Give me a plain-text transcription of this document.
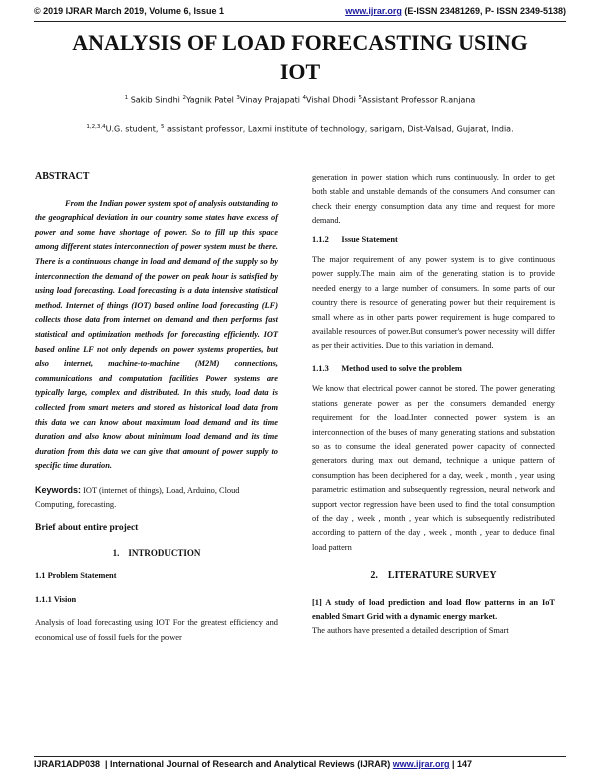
© 2019 IJRAR March 2019, Volume 6, Issue 1	www.ijrar.org (E-ISSN 23481269, P- ISSN 2349-5138)
ANALYSIS OF LOAD FORECASTING USING
IOT
$^1$ Sakib Sindhi $^2$Yagnik Patel $^3$Vinay Prajapati $^4$Vishal Dhodi $^5$Assistant Professor R.anjana
$^{1,2,3,4}$U.G. student, $^5$ assistant professor, Laxmi institute of technology, sarigam, Dist-Valsad, Gujarat, India.
ABSTRACT

From the Indian power system spot of analysis outstanding to the geographical deviation in our country some states have excess of power and some have shortage of power. So to fill up this space among different states interconnection of power system must be there. There is a continuous change in load and demand of the supply so by interconnection the demand of the power on peak hour is satisfied by using load forecasting. Load forecasting is a data intensive statistical method. Internet of things (IOT) based online load forecasting (LF) collects those data from internet on demand and then performs fast statistical and optimization methods for forecasting efficiently. IOT based online LF not only depends on power systems properties, but also internet, machine-to-machine (M2M) connections, communications and computation facilities Power systems are typically large, complex and distributed. In this study, load data is collected from smart meters and stored as historical load data from this data we can know about maximum load demand and its time duration and also know about minimum load demand and its time duration from this data we can give that amount of power supply to specific time duration.

Keywords: IOT (internet of things), Load, Arduino, Cloud Computing, forecasting.

Brief about entire project
1.    INTRODUCTION
1.1 Problem Statement
1.1.1 Vision

Analysis of load forecasting using IOT For the greatest efficiency and economical use of fossil fuels for the power

generation in power station which runs continuously. In order to get both stable and unstable demands of the consumers And consumer can check their energy consumption data any time and request for more demand.

1.1.2      Issue Statement

The major requirement of any power system is to give continuous power supply.The main aim of the generating station is to provide needed energy to a large number of consumers. In some parts of our country there is resource of generating power but their requirement is small where as in other parts power requirement is huge compared to available resources of power.But consumer's power necessity will differ as per their activities. Due to this variation in demand.

1.1.3      Method used to solve the problem

We know that electrical power cannot be stored. The power generating stations generate power as per the consumers demanded energy requirement for the load.Inter connected power system is an interconnection of the buses of many generating stations and substation so as to consume the ideal generated power capacity of connected generators during max out demand, technique a unique pattern of consumption has been deciphered for a day, week , month , year using parametric estimation and subsequently regression, neural network and support vector regression have been used to find the total consumption of the day , week , month , year which is subsequently redistributed according to pattern of the day , week , month , year to deduce final load pattern

2.    LITERATURE SURVEY

[1] A study of load prediction and load flow patterns in an IoT enabled Smart Grid with a dynamic energy market.

The authors have presented a detailed description of Smart

IJRAR1ADP038  | International Journal of Research and Analytical Reviews (IJRAR) www.ijrar.org | 147
